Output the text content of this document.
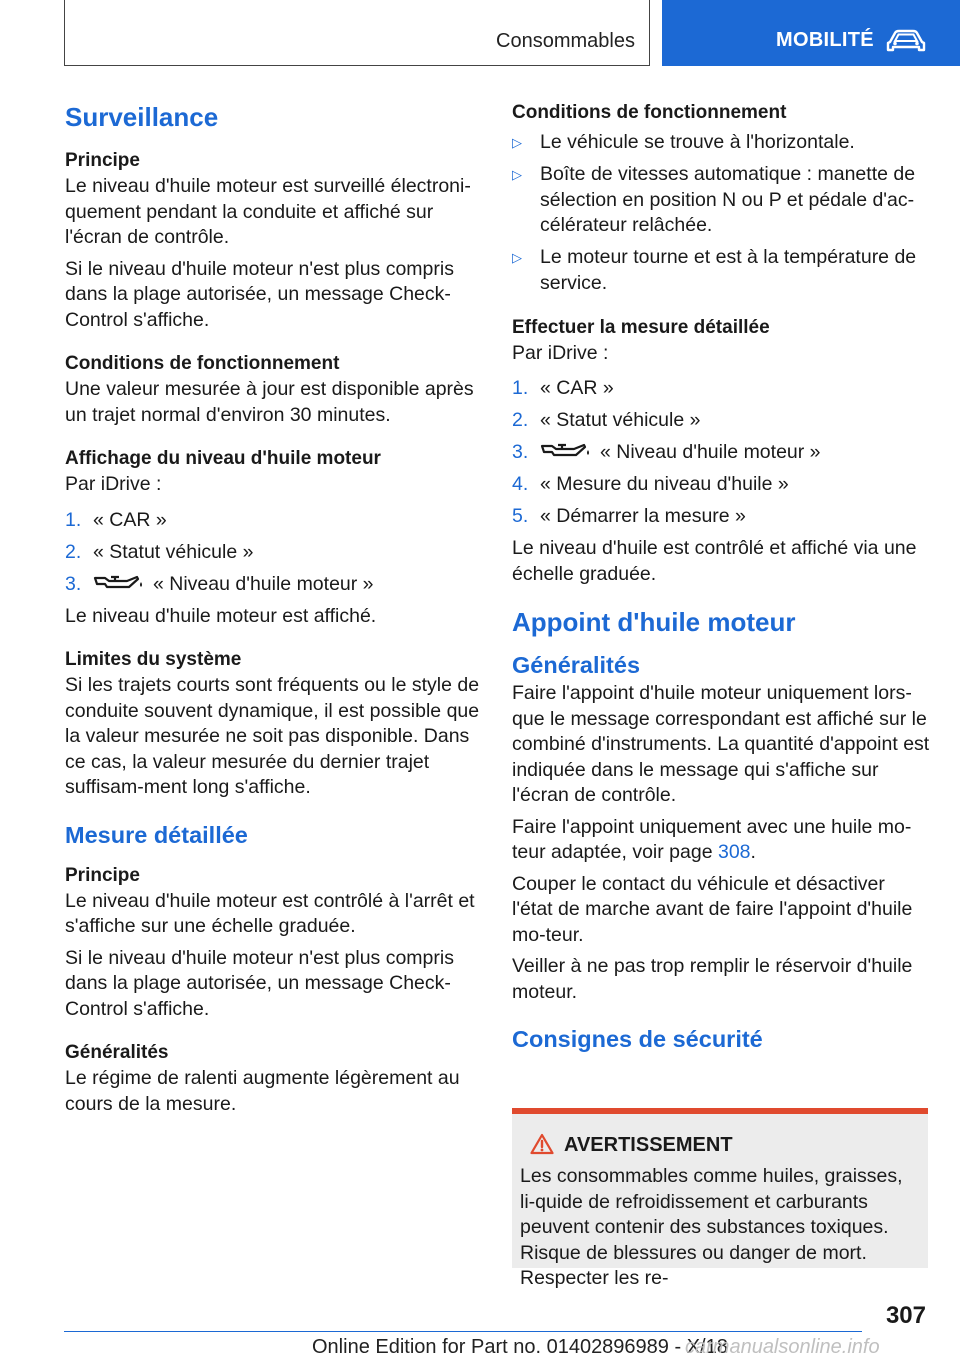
Consommables	MOBILITÉ
Surveillance
Principe
Le niveau d'huile moteur est surveillé électroni-quement pendant la conduite et affiché sur l'écran de contrôle.
Si le niveau d'huile moteur n'est plus compris dans la plage autorisée, un message Check-Control s'affiche.
Conditions de fonctionnement
Une valeur mesurée à jour est disponible après un trajet normal d'environ 30 minutes.
Affichage du niveau d'huile moteur
Par iDrive :
1. « CAR »
2. « Statut véhicule »
3.	« Niveau d'huile moteur »
Le niveau d'huile moteur est affiché.
Limites du système
Si les trajets courts sont fréquents ou le style de conduite souvent dynamique, il est possible que la valeur mesurée ne soit pas disponible. Dans ce cas, la valeur mesurée du dernier trajet suffisam-ment long s'affiche.
Mesure détaillée
Principe
Le niveau d'huile moteur est contrôlé à l'arrêt et s'affiche sur une échelle graduée.
Si le niveau d'huile moteur n'est plus compris dans la plage autorisée, un message Check-Control s'affiche.
Généralités
Le régime de ralenti augmente légèrement au cours de la mesure.
Conditions de fonctionnement
▷ Le véhicule se trouve à l'horizontale.
▷ Boîte de vitesses automatique : manette de sélection en position N ou P et pédale d'ac-célérateur relâchée.
▷ Le moteur tourne et est à la température de service.
Effectuer la mesure détaillée
Par iDrive :
1. « CAR »
2. « Statut véhicule »
3.	« Niveau d'huile moteur »
4. « Mesure du niveau d'huile »
5. « Démarrer la mesure »
Le niveau d'huile est contrôlé et affiché via une échelle graduée.
Appoint d'huile moteur
Généralités
Faire l'appoint d'huile moteur uniquement lors-que le message correspondant est affiché sur le combiné d'instruments. La quantité d'appoint est indiquée dans le message qui s'affiche sur l'écran de contrôle.
Faire l'appoint uniquement avec une huile mo-teur adaptée, voir page 308.
Couper le contact du véhicule et désactiver l'état de marche avant de faire l'appoint d'huile mo-teur.
Veiller à ne pas trop remplir le réservoir d'huile moteur.
Consignes de sécurité
AVERTISSEMENT
Les consommables comme huiles, graisses, li-quide de refroidissement et carburants peuvent contenir des substances toxiques. Risque de blessures ou danger de mort. Respecter les re-
307
Online Edition for Part no. 01402896989 - X/18
carmanualsonline.info
